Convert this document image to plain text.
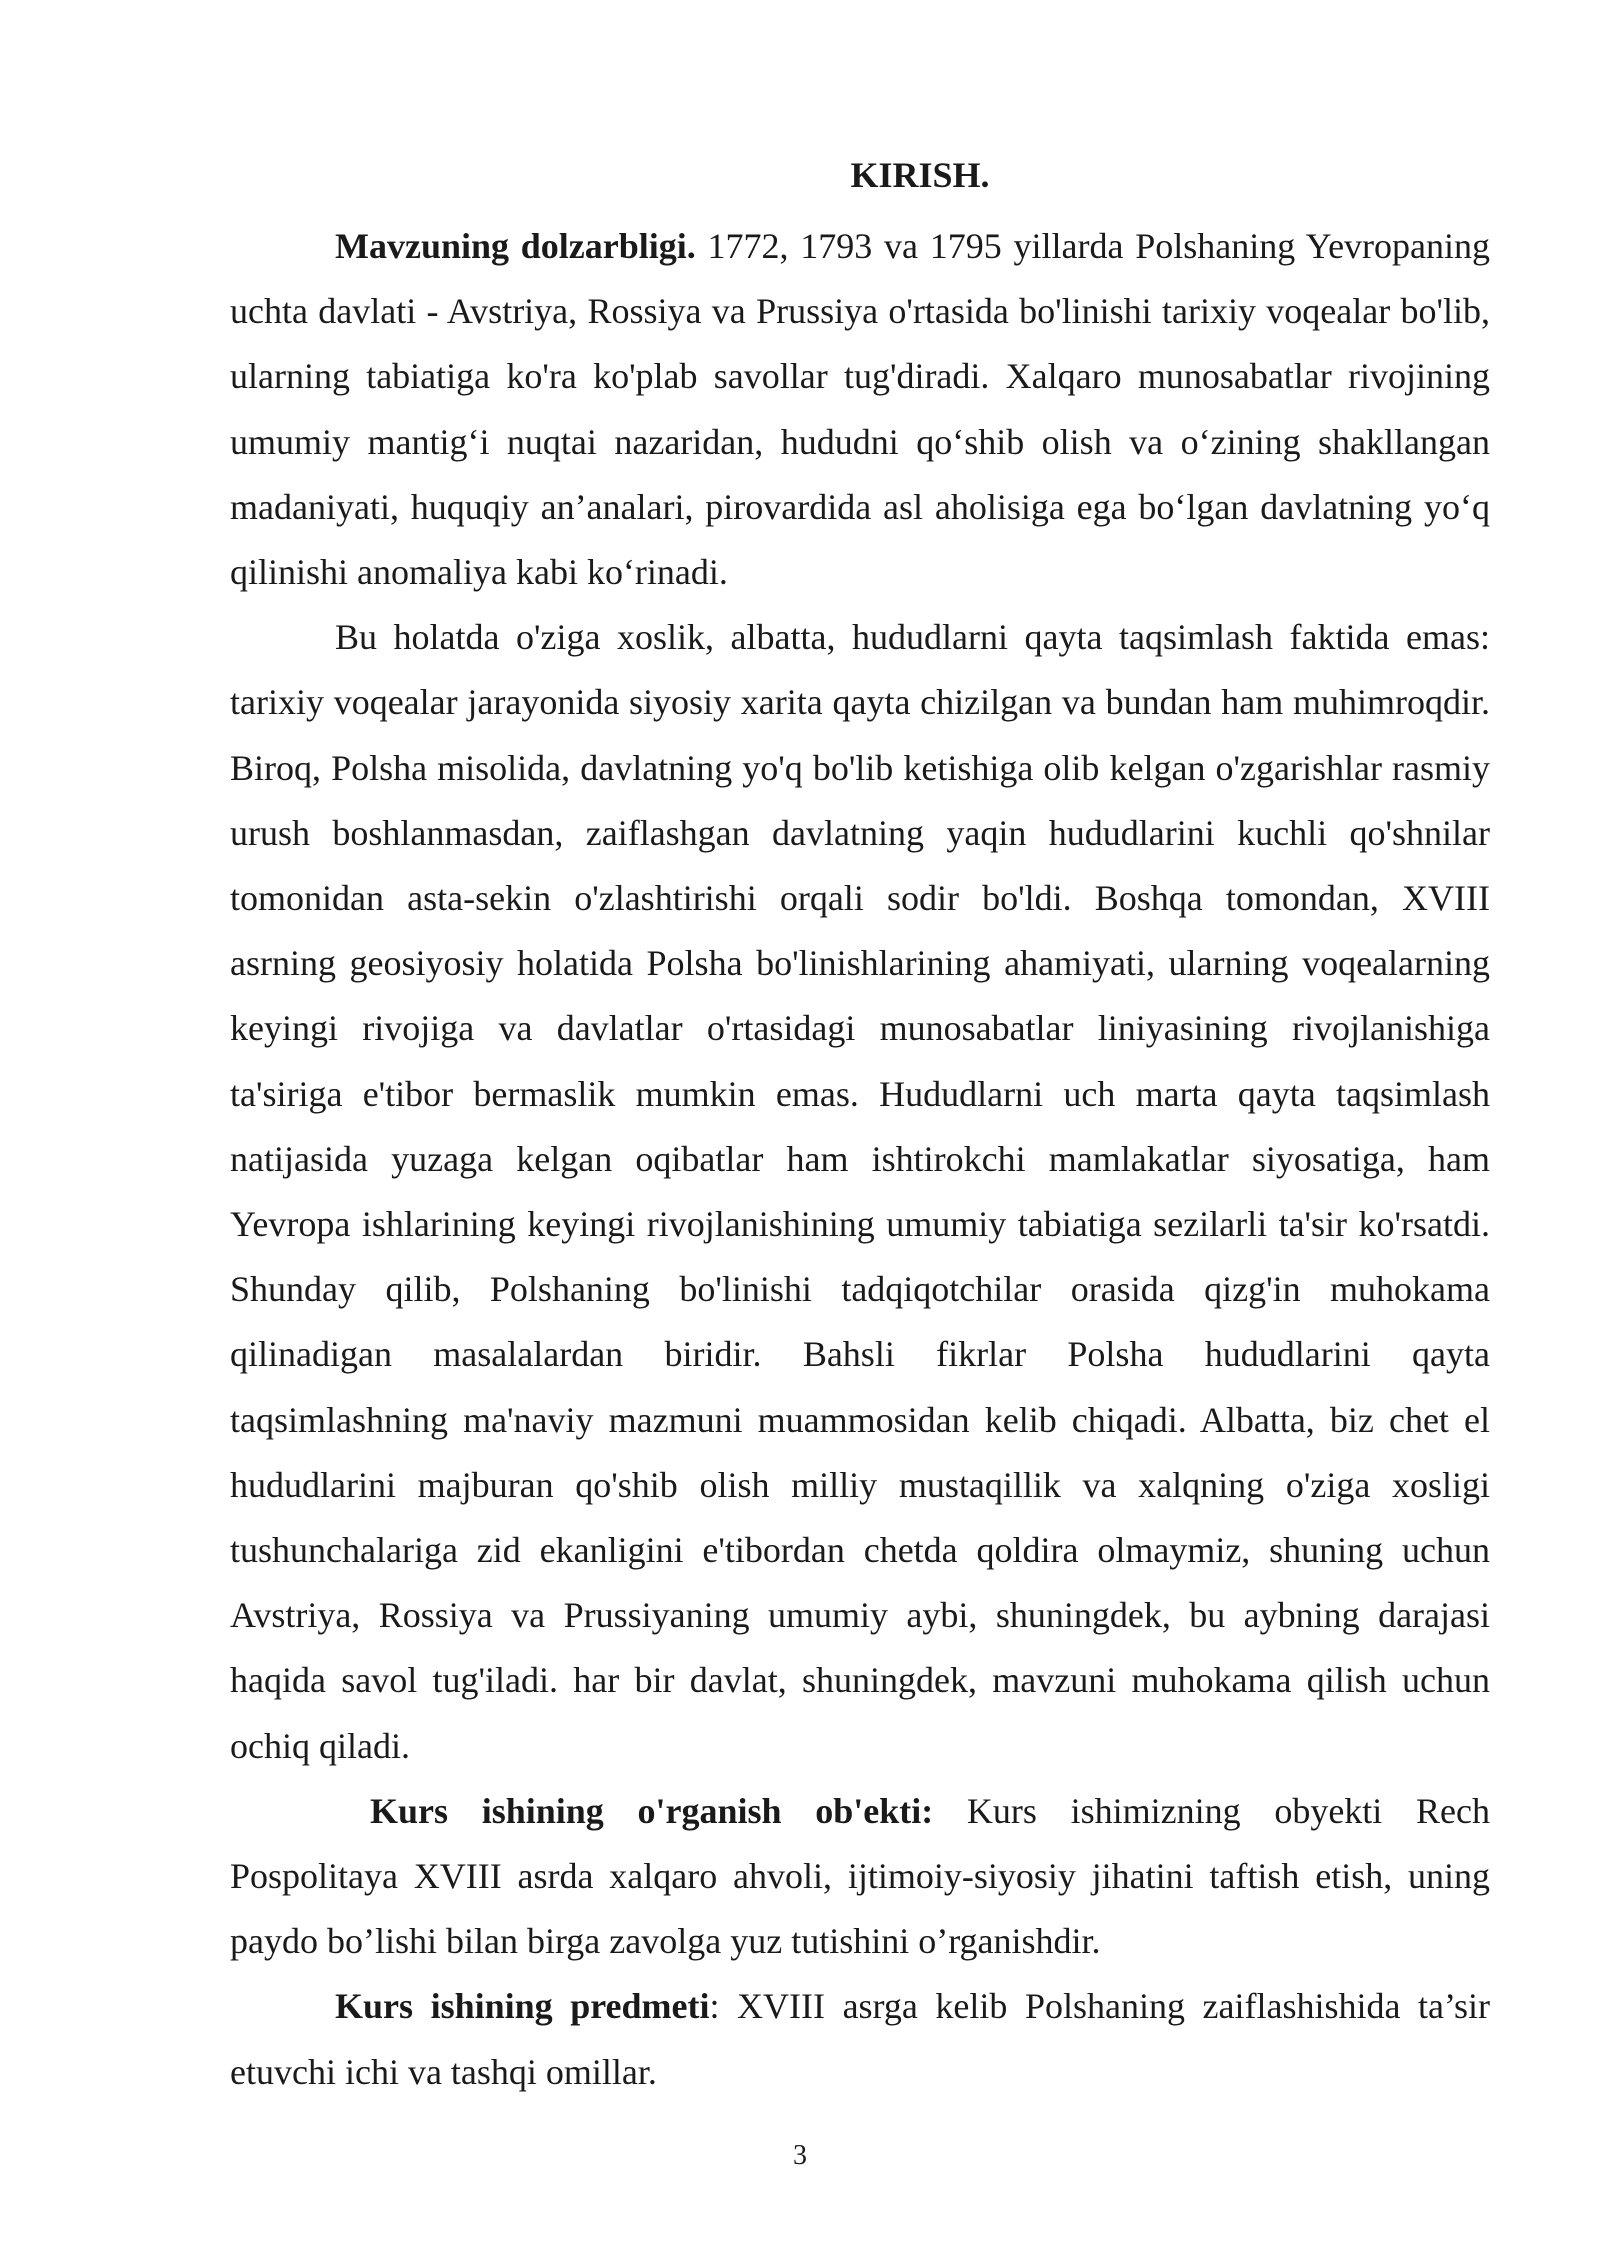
KIRISH.

Mavzuning dolzarbligi. 1772, 1793 va 1795 yillarda Polshaning Yevropaning uchta davlati - Avstriya, Rossiya va Prussiya o'rtasida bo'linishi tarixiy voqealar bo'lib, ularning tabiatiga ko'ra ko'plab savollar tug'diradi. Xalqaro munosabatlar rivojining umumiy mantig‘i nuqtai nazaridan, hududni qo‘shib olish va o‘zining shakllangan madaniyati, huquqiy an’analari, pirovardida asl aholisiga ega bo‘lgan davlatning yo‘q qilinishi anomaliya kabi ko‘rinadi.

Bu holatda o'ziga xoslik, albatta, hududlarni qayta taqsimlash faktida emas: tarixiy voqealar jarayonida siyosiy xarita qayta chizilgan va bundan ham muhimroqdir. Biroq, Polsha misolida, davlatning yo'q bo'lib ketishiga olib kelgan o'zgarishlar rasmiy urush boshlanmasdan, zaiflashgan davlatning yaqin hududlarini kuchli qo'shnilar tomonidan asta-sekin o'zlashtirishi orqali sodir bo'ldi. Boshqa tomondan, XVIII asrning geosiyosiy holatida Polsha bo'linishlarining ahamiyati, ularning voqealarning keyingi rivojiga va davlatlar o'rtasidagi munosabatlar liniyasining rivojlanishiga ta'siriga e'tibor bermaslik mumkin emas. Hududlarni uch marta qayta taqsimlash natijasida yuzaga kelgan oqibatlar ham ishtirokchi mamlakatlar siyosatiga, ham Yevropa ishlarining keyingi rivojlanishining umumiy tabiatiga sezilarli ta'sir ko'rsatdi. Shunday qilib, Polshaning bo'linishi tadqiqotchilar orasida qizg'in muhokama qilinadigan masalalardan biridir. Bahsli fikrlar Polsha hududlarini qayta taqsimlashning ma'naviy mazmuni muammosidan kelib chiqadi. Albatta, biz chet el hududlarini majburan qo'shib olish milliy mustaqillik va xalqning o'ziga xosligi tushunchalariga zid ekanligini e'tibordan chetda qoldira olmaymiz, shuning uchun Avstriya, Rossiya va Prussiyaning umumiy aybi, shuningdek, bu aybning darajasi haqida savol tug'iladi. har bir davlat, shuningdek, mavzuni muhokama qilish uchun ochiq qiladi.

Kurs ishining o'rganish ob'ekti: Kurs ishimizning obyekti Rech Pospolitaya XVIII asrda xalqaro ahvoli, ijtimoiy-siyosiy jihatini taftish etish, uning paydo bo’lishi bilan birga zavolga yuz tutishini o’rganishdir.

Kurs ishining predmeti: XVIII asrga kelib Polshaning zaiflashishida ta’sir etuvchi ichi va tashqi omillar.

3
